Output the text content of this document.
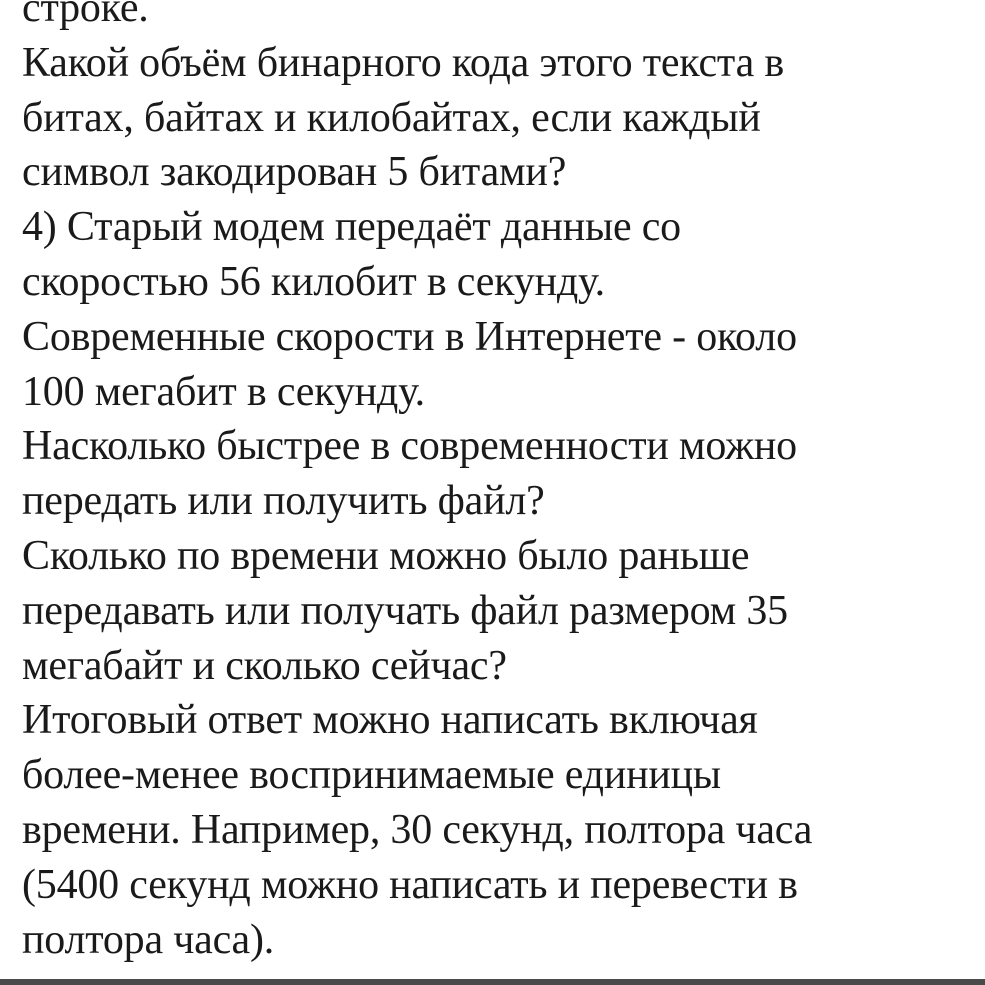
строке.
Какой объём бинарного кода этого текста в
битах, байтах и килобайтах, если каждый
символ закодирован 5 битами?
4) Старый модем передаёт данные со
скоростью 56 килобит в секунду.
Современные скорости в Интернете - около
100 мегабит в секунду.
Насколько быстрее в современности можно
передать или получить файл?
Сколько по времени можно было раньше
передавать или получать файл размером 35
мегабайт и сколько сейчас?
Итоговый ответ можно написать включая
более-менее воспринимаемые единицы
времени. Например, 30 секунд, полтора часа
(5400 секунд можно написать и перевести в
полтора часа).
